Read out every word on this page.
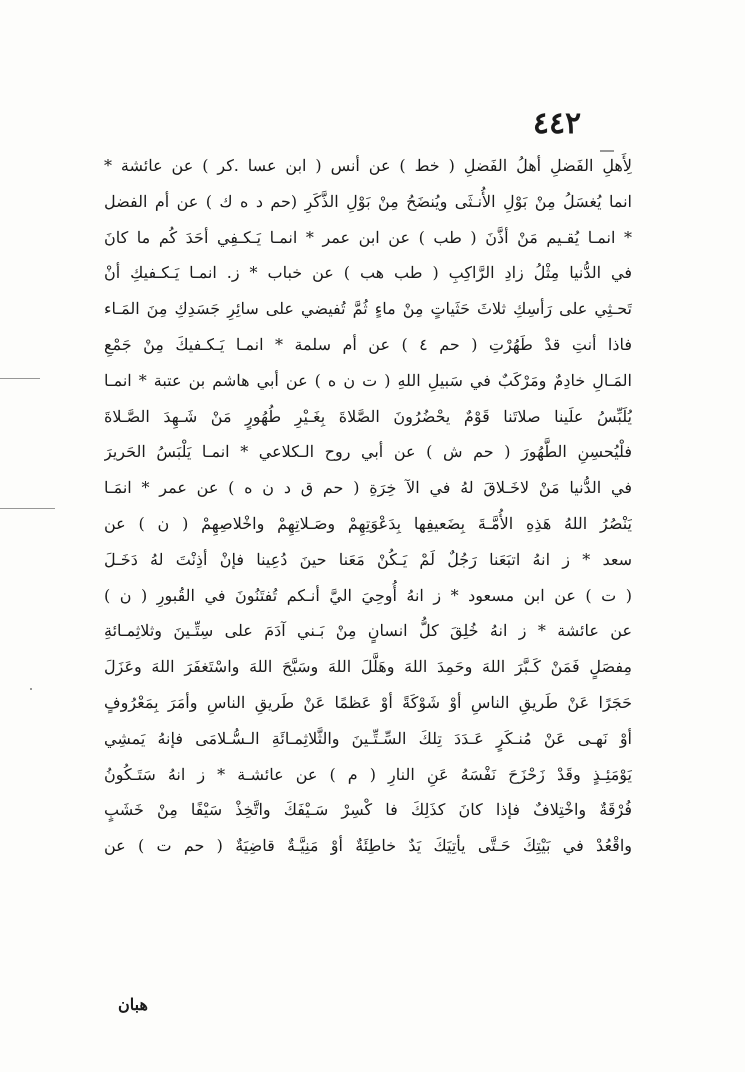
٤٤٢
لِأَهلِ الفَضلِ أهلُ الفَضلِ ( خط ) عن أنس ( ابن عسا .كر ) عن عائشة *
انما يُغسَلُ مِنْ بَوْلِ الأُنـثَى ويُنضَحُ مِنْ بَوْلِ الذَّكَرِ (حم د ه ك ) عن أم الفضل
* انمـا يُقـيم مَنْ أذَّنَ ( طب ) عن ابن عمر * انمـا يَـكـفِي أحَدَ كُم ما كانَ
في الدُّنيا مِثْلُ زادِ الرَّاكِبِ ( طب هب ) عن خباب * ز. انمـا يَـكـفيكِ أنْ
تَحـثِي على رَأسِكِ ثلاثَ حَثَياتٍ مِنْ ماءٍ ثُمَّ تُفيضي على سائِرِ جَسَدِكِ مِنَ المَـاء
فاذا أنتِ قدْ طَهُرْتِ ( حم ٤ ) عن أم سلمة * انمـا يَـكـفيكَ مِنْ جَمْعِ
المَـالِ خادِمٌ ومَرْكَبٌ في سَبيلِ اللهِ ( ت ن ه ) عن أبي هاشم بن عتبة * انمـا
يُلَبِّسُ علَينا صلاتَنا قَوْمٌ يحْضُرُونَ الصَّلاةَ بِغَـيْرِ طُهُورٍ مَنْ شَـهِدَ الصَّـلاةَ
فلْيُحسِنِ الطَّهُورَ ( حم ش ) عن أبي روح الـكلاعي * انمـا يَلْبَسُ الحَريرَ
في الدُّنيا مَنْ لاخَـلاقَ لهُ في الآ خِرَةِ ( حم ق د ن ه ) عن عمر * انمَـا
يَنْصُرُ اللهُ هَذِهِ الأُمَّـةَ بِضَعيفِها بِدَعْوَتِهِمْ وصَـلاتِهِمْ واخْلاصِهِمْ ( ن ) عن
سعد * ز انهُ اتبَعَنا رَجُلٌ لَمْ يَـكُنْ مَعَنا حينَ دُعِينا فإنْ أذِنْتَ لهُ دَخَـلَ
( ت ) عن ابن مسعود * ز انهُ أُوحِيَ اليَّ أنـكم تُفتَنُونَ في القُبورِ ( ن )
عن عائشة * ز انهُ خُلِقَ كلُّ انسانٍ مِنْ بَـني آدَمَ على سِتِّـينَ وثلاثِمـائةِ
مِفصَلٍ فَمَنْ كَـبَّرَ اللهَ وحَمِدَ اللهَ وهَلَّلَ اللهَ وسَبَّحَ اللهَ واسْتَغفَرَ اللهَ وعَزَلَ
حَجَرًا عَنْ طَريقِ الناسِ أوْ شَوْكَةً أوْ عَظمًا عَنْ طَريقِ الناسِ وأمَرَ بِمَعْرُوفٍ
أوْ نَهـى عَنْ مُنـكَرٍ عَـدَدَ تِلكَ السِّـتِّـينَ والثَّلاثِمـائَةِ الـسُّـلامَى فإنهُ يَمشِي
يَوْمَئِـذٍ وقَدْ زَحْزَحَ نَفْسَهُ عَنِ النارِ ( م ) عن عائشـة * ز انهُ سَتَـكُونُ
فُرْقَةٌ واخْتِلافٌ فإذا كانَ كذَلِكَ فا كْسِرْ سَـيْفَكَ واتَّخِذْ سَيْفًا مِنْ خَشَبٍ
واقْعُدْ في بَيْتِكَ حَـتَّى يأتِيَكَ يَدٌ خاطِئَةٌ أوْ مَنِيَّـةٌ قاضِيَةٌ ( حم ت ) عن
هبان
